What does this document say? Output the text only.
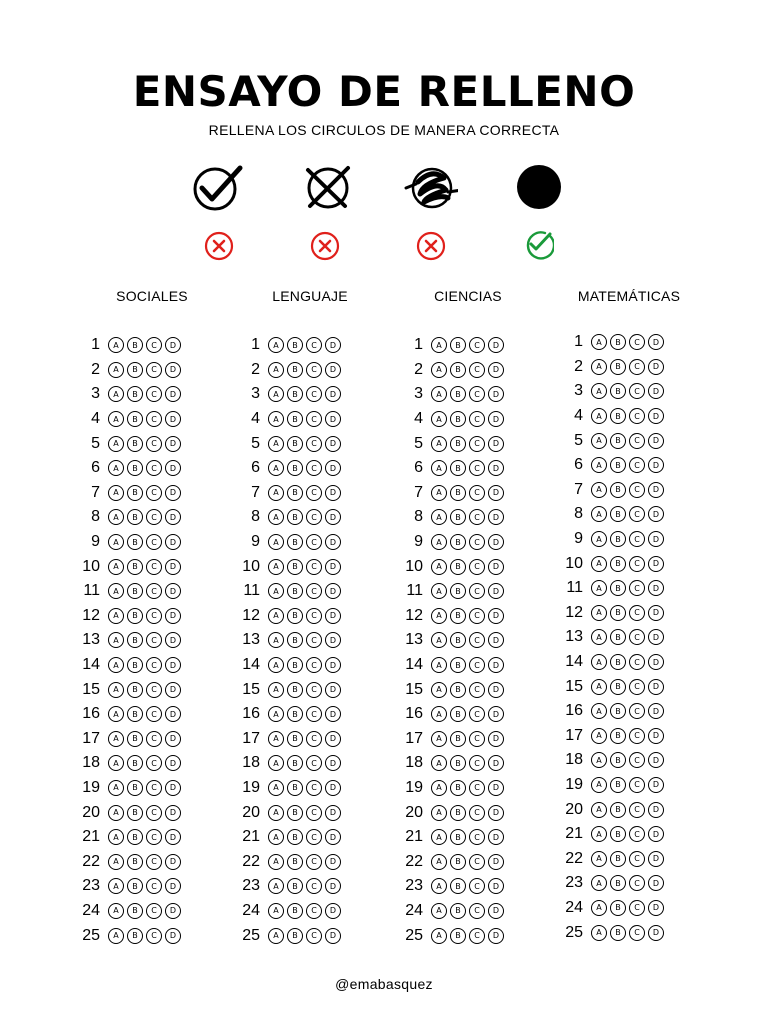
ENSAYO DE RELLENO
RELLENA LOS CIRCULOS DE MANERA CORRECTA
SOCIALES	LENGUAJE	CIENCIAS	MATEMÁTICAS
1	A	B	C	D
2	A	B	C	D
3	A	B	C	D
4	A	B	C	D
5	A	B	C	D
6	A	B	C	D
7	A	B	C	D
8	A	B	C	D
9	A	B	C	D
10	A	B	C	D
11	A	B	C	D
12	A	B	C	D
13	A	B	C	D
14	A	B	C	D
15	A	B	C	D
16	A	B	C	D
17	A	B	C	D
18	A	B	C	D
19	A	B	C	D
20	A	B	C	D
21	A	B	C	D
22	A	B	C	D
23	A	B	C	D
24	A	B	C	D
25	A	B	C	D
1	A	B	C	D
2	A	B	C	D
3	A	B	C	D
4	A	B	C	D
5	A	B	C	D
6	A	B	C	D
7	A	B	C	D
8	A	B	C	D
9	A	B	C	D
10	A	B	C	D
11	A	B	C	D
12	A	B	C	D
13	A	B	C	D
14	A	B	C	D
15	A	B	C	D
16	A	B	C	D
17	A	B	C	D
18	A	B	C	D
19	A	B	C	D
20	A	B	C	D
21	A	B	C	D
22	A	B	C	D
23	A	B	C	D
24	A	B	C	D
25	A	B	C	D
1	A	B	C	D
2	A	B	C	D
3	A	B	C	D
4	A	B	C	D
5	A	B	C	D
6	A	B	C	D
7	A	B	C	D
8	A	B	C	D
9	A	B	C	D
10	A	B	C	D
11	A	B	C	D
12	A	B	C	D
13	A	B	C	D
14	A	B	C	D
15	A	B	C	D
16	A	B	C	D
17	A	B	C	D
18	A	B	C	D
19	A	B	C	D
20	A	B	C	D
21	A	B	C	D
22	A	B	C	D
23	A	B	C	D
24	A	B	C	D
25	A	B	C	D
1	A	B	C	D
2	A	B	C	D
3	A	B	C	D
4	A	B	C	D
5	A	B	C	D
6	A	B	C	D
7	A	B	C	D
8	A	B	C	D
9	A	B	C	D
10	A	B	C	D
11	A	B	C	D
12	A	B	C	D
13	A	B	C	D
14	A	B	C	D
15	A	B	C	D
16	A	B	C	D
17	A	B	C	D
18	A	B	C	D
19	A	B	C	D
20	A	B	C	D
21	A	B	C	D
22	A	B	C	D
23	A	B	C	D
24	A	B	C	D
25	A	B	C	D
@emabasquez
